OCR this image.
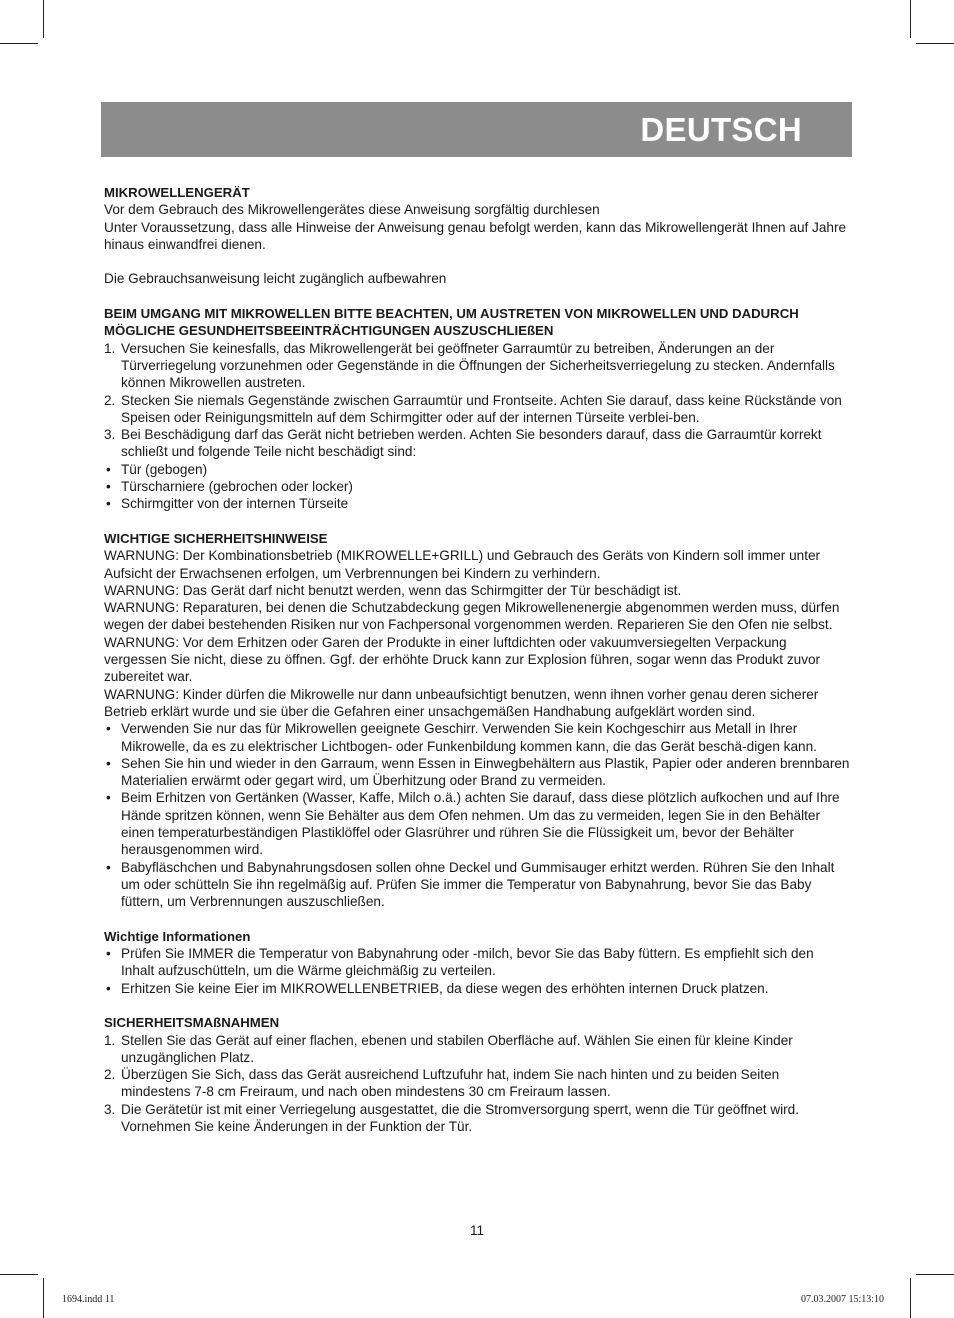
DEUTSCH

MIKROWELLENGERÄT

Vor dem Gebrauch des Mikrowellengerätes diese Anweisung sorgfältig durchlesen

Unter Voraussetzung, dass alle Hinweise der Anweisung genau befolgt werden, kann das Mikrowellengerät Ihnen auf Jahre hinaus einwandfrei dienen.

Die Gebrauchsanweisung leicht zugänglich aufbewahren

BEIM UMGANG MIT MIKROWELLEN BITTE BEACHTEN, UM AUSTRETEN VON MIKROWELLEN UND DADURCH MÖGLICHE GESUNDHEITSBEEINTRÄCHTIGUNGEN AUSZUSCHLIEßEN

1. Versuchen Sie keinesfalls, das Mikrowellengerät bei geöffneter Garraumtür zu betreiben, Änderungen an der Türverriegelung vorzunehmen oder Gegenstände in die Öffnungen der Sicherheitsverriegelung zu stecken. Andernfalls können Mikrowellen austreten.
2. Stecken Sie niemals Gegenstände zwischen Garraumtür und Frontseite. Achten Sie darauf, dass keine Rückstände von Speisen oder Reinigungsmitteln auf dem Schirmgitter oder auf der internen Türseite verblei-ben.
3. Bei Beschädigung darf das Gerät nicht betrieben werden. Achten Sie besonders darauf, dass die Garraumtür korrekt schließt und folgende Teile nicht beschädigt sind:
• Tür (gebogen)
• Türscharniere (gebrochen oder locker)
• Schirmgitter von der internen Türseite

WICHTIGE SICHERHEITSHINWEISE

WARNUNG: Der Kombinationsbetrieb (MIKROWELLE+GRILL) und Gebrauch des Geräts von Kindern soll immer unter Aufsicht der Erwachsenen erfolgen, um Verbrennungen bei Kindern zu verhindern.

WARNUNG: Das Gerät darf nicht benutzt werden, wenn das Schirmgitter der Tür beschädigt ist.

WARNUNG: Reparaturen, bei denen die Schutzabdeckung gegen Mikrowellenenergie abgenommen werden muss, dürfen wegen der dabei bestehenden Risiken nur von Fachpersonal vorgenommen werden. Reparieren Sie den Ofen nie selbst.

WARNUNG: Vor dem Erhitzen oder Garen der Produkte in einer luftdichten oder vakuumversiegelten Verpackung vergessen Sie nicht, diese zu öffnen. Ggf. der erhöhte Druck kann zur Explosion führen, sogar wenn das Produkt zuvor zubereitet war.

WARNUNG: Kinder dürfen die Mikrowelle nur dann unbeaufsichtigt benutzen, wenn ihnen vorher genau deren sicherer Betrieb erklärt wurde und sie über die Gefahren einer unsachgemäßen Handhabung aufgeklärt worden sind.

• Verwenden Sie nur das für Mikrowellen geeignete Geschirr. Verwenden Sie kein Kochgeschirr aus Metall in Ihrer Mikrowelle, da es zu elektrischer Lichtbogen- oder Funkenbildung kommen kann, die das Gerät beschä-digen kann.
• Sehen Sie hin und wieder in den Garraum, wenn Essen in Einwegbehältern aus Plastik, Papier oder anderen brennbaren Materialien erwärmt oder gegart wird, um Überhitzung oder Brand zu vermeiden.
• Beim Erhitzen von Gertänken (Wasser, Kaffe, Milch o.ä.) achten Sie darauf, dass diese plötzlich aufkochen und auf Ihre Hände spritzen können, wenn Sie Behälter aus dem Ofen nehmen. Um das zu vermeiden, legen Sie in den Behälter einen temperaturbeständigen Plastiklöffel oder Glasrührer und rühren Sie die Flüssigkeit um, bevor der Behälter herausgenommen wird.
• Babyfläschchen und Babynahrungsdosen sollen ohne Deckel und Gummisauger erhitzt werden. Rühren Sie den Inhalt um oder schütteln Sie ihn regelmäßig auf. Prüfen Sie immer die Temperatur von Babynahrung, bevor Sie das Baby füttern, um Verbrennungen auszuschließen.

Wichtige Informationen

• Prüfen Sie IMMER die Temperatur von Babynahrung oder -milch, bevor Sie das Baby füttern. Es empfiehlt sich den Inhalt aufzuschütteln, um die Wärme gleichmäßig zu verteilen.
• Erhitzen Sie keine Eier im MIKROWELLENBETRIEB, da diese wegen des erhöhten internen Druck platzen.

SICHERHEITSMAßNAHMEN

1. Stellen Sie das Gerät auf einer flachen, ebenen und stabilen Oberfläche auf. Wählen Sie einen für kleine Kinder unzugänglichen Platz.
2. Überzügen Sie Sich, dass das Gerät ausreichend Luftzufuhr hat, indem Sie nach hinten und zu beiden Seiten mindestens 7-8 cm Freiraum, und nach oben mindestens 30 cm Freiraum lassen.
3. Die Gerätetür ist mit einer Verriegelung ausgestattet, die die Stromversorgung sperrt, wenn die Tür geöffnet wird. Vornehmen Sie keine Änderungen in der Funktion der Tür.
11
1694.indd 11	07.03.2007 15:13:10
